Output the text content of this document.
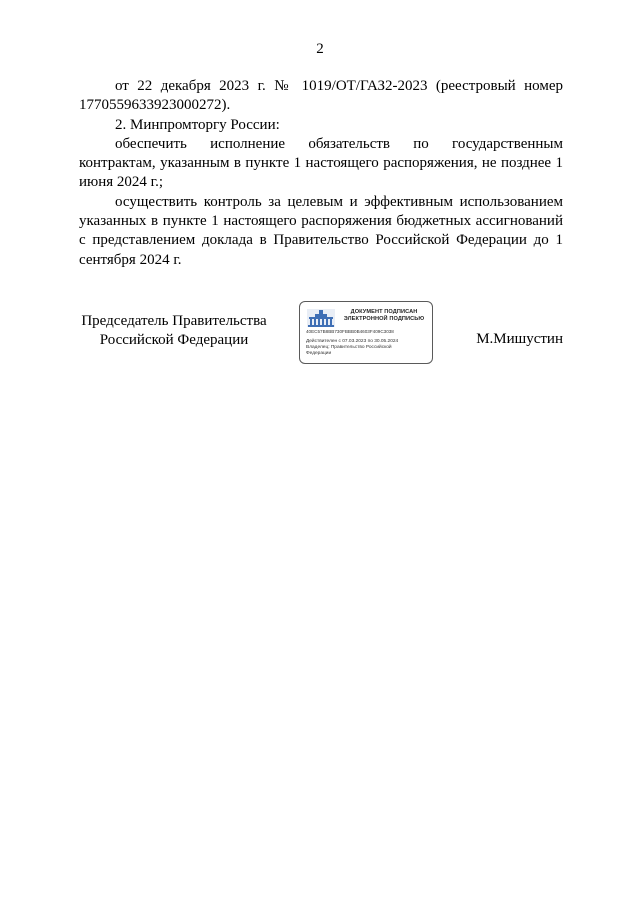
2

от 22 декабря 2023 г. № 1019/ОТ/ГАЗ2-2023 (реестровый номер 1770559633923000272).

2. Минпромторгу России:

обеспечить исполнение обязательств по государственным контрактам, указанным в пункте 1 настоящего распоряжения, не позднее 1 июня 2024 г.;

осуществить контроль за целевым и эффективным использованием указанных в пункте 1 настоящего распоряжения бюджетных ассигнований с представлением доклада в Правительство Российской Федерации до 1 сентября 2024 г.

Председатель Правительства
Российской Федерации
ДОКУМЕНТ ПОДПИСАН
ЭЛЕКТРОННОЙ ПОДПИСЬЮ
40EC57B8BB730FBBB0B4603F409C3038
Действителен с 07.03.2023 по 30.05.2024
Владелец: Правительство Российской Федерации
М.Мишустин
